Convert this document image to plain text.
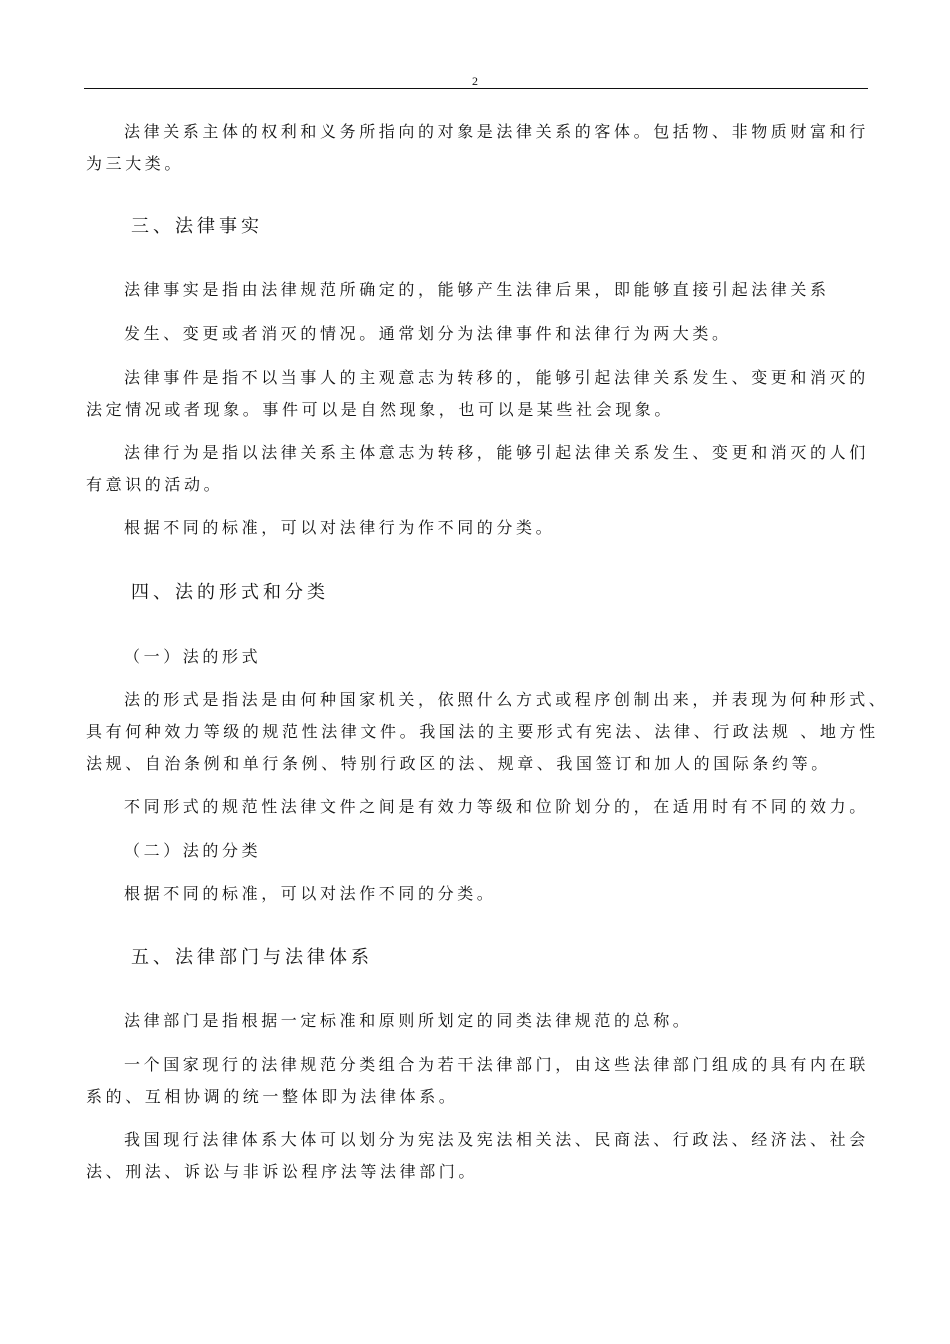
2
法律关系主体的权利和义务所指向的对象是法律关系的客体。包括物、非物质财富和行
为三大类。
三、法律事实
法律事实是指由法律规范所确定的，能够产生法律后果，即能够直接引起法律关系
发生、变更或者消灭的情况。通常划分为法律事件和法律行为两大类。
法律事件是指不以当事人的主观意志为转移的，能够引起法律关系发生、变更和消灭的
法定情况或者现象。事件可以是自然现象，也可以是某些社会现象。
法律行为是指以法律关系主体意志为转移，能够引起法律关系发生、变更和消灭的人们
有意识的活动。
根据不同的标准，可以对法律行为作不同的分类。
四、法的形式和分类
（一）法的形式
法的形式是指法是由何种国家机关，依照什么方式或程序创制出来，并表现为何种形式、
具有何种效力等级的规范性法律文件。我国法的主要形式有宪法、法律、行政法规 、地方性
法规、自治条例和单行条例、特别行政区的法、规章、我国签订和加人的国际条约等。
不同形式的规范性法律文件之间是有效力等级和位阶划分的，在适用时有不同的效力。
（二）法的分类
根据不同的标准，可以对法作不同的分类。
五、法律部门与法律体系
法律部门是指根据一定标准和原则所划定的同类法律规范的总称。
一个国家现行的法律规范分类组合为若干法律部门，由这些法律部门组成的具有内在联
系的、互相协调的统一整体即为法律体系。
我国现行法律体系大体可以划分为宪法及宪法相关法、民商法、行政法、经济法、社会
法、刑法、诉讼与非诉讼程序法等法律部门。
